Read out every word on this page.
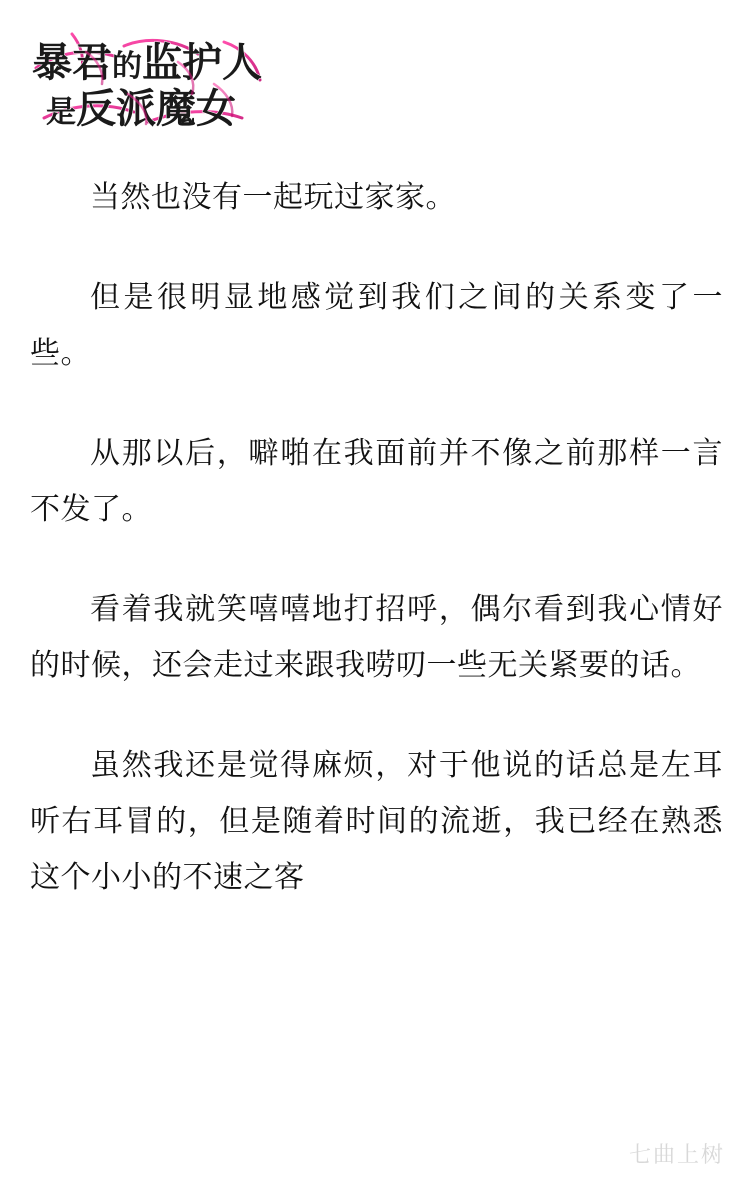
暴君的监护人
是反派魔女

当然也没有一起玩过家家。

但是很明显地感觉到我们之间的关系变了一些。

从那以后，噼啪在我面前并不像之前那样一言不发了。

看着我就笑嘻嘻地打招呼，偶尔看到我心情好的时候，还会走过来跟我唠叨一些无关紧要的话。

虽然我还是觉得麻烦，对于他说的话总是左耳听右耳冒的，但是随着时间的流逝，我已经在熟悉这个小小的不速之客

七曲上树
